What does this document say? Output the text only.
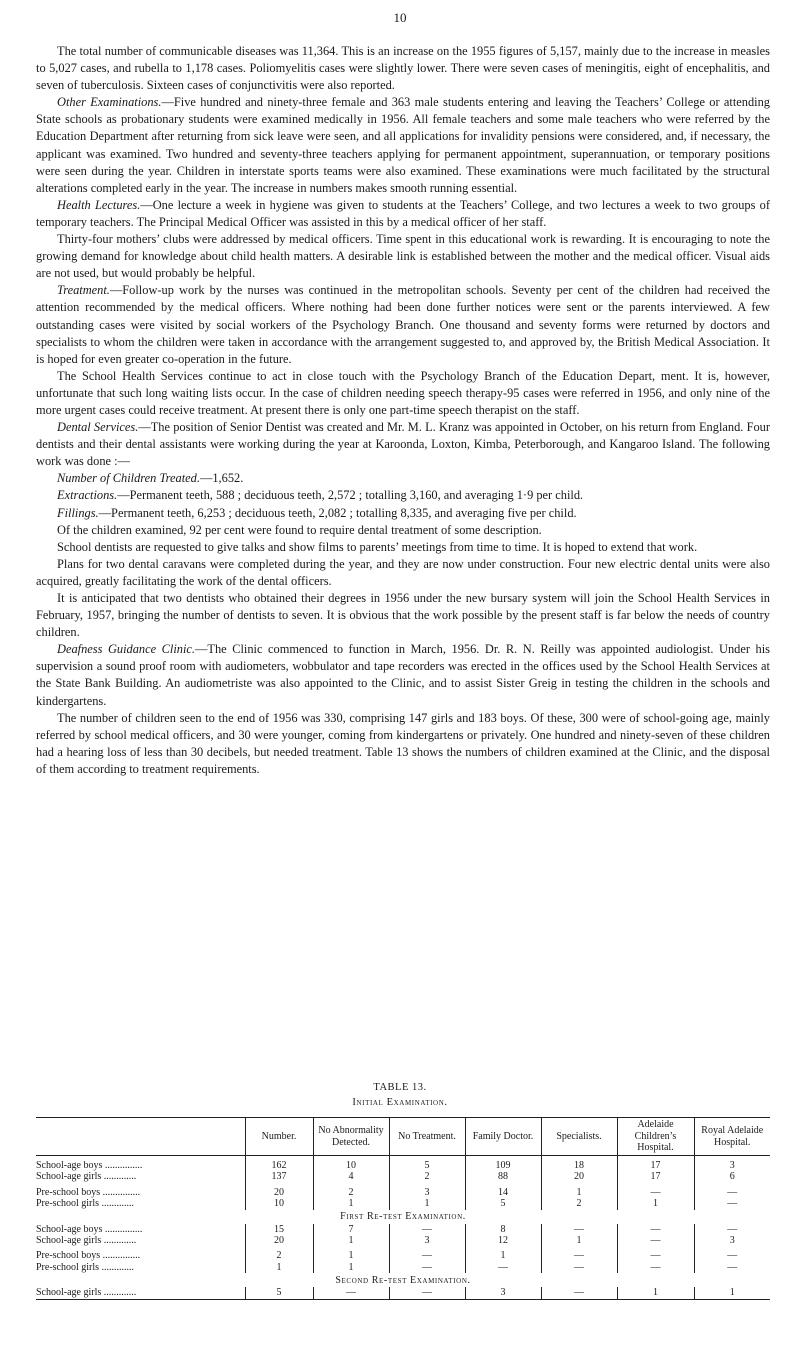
10

The total number of communicable diseases was 11,364. This is an increase on the 1955 figures of 5,157, mainly due to the increase in measles to 5,027 cases, and rubella to 1,178 cases. Poliomyelitis cases were slightly lower. There were seven cases of meningitis, eight of encephalitis, and seven of tuberculosis. Sixteen cases of conjunctivitis were also reported.

Other Examinations.—Five hundred and ninety-three female and 363 male students entering and leaving the Teachers’ College or attending State schools as probationary students were examined medically in 1956. All female teachers and some male teachers who were referred by the Education Department after returning from sick leave were seen, and all applications for invalidity pensions were considered, and, if necessary, the applicant was examined. Two hundred and seventy-three teachers applying for permanent appointment, superannuation, or temporary positions were seen during the year. Children in interstate sports teams were also examined. These examinations were much facilitated by the structural alterations completed early in the year. The increase in numbers makes smooth running essential.

Health Lectures.—One lecture a week in hygiene was given to students at the Teachers’ College, and two lectures a week to two groups of temporary teachers. The Principal Medical Officer was assisted in this by a medical officer of her staff.

Thirty-four mothers’ clubs were addressed by medical officers. Time spent in this educational work is rewarding. It is encouraging to note the growing demand for knowledge about child health matters. A desirable link is established between the mother and the medical officer. Visual aids are not used, but would probably be helpful.

Treatment.—Follow-up work by the nurses was continued in the metropolitan schools. Seventy per cent of the children had received the attention recommended by the medical officers. Where nothing had been done further notices were sent or the parents interviewed. A few outstanding cases were visited by social workers of the Psychology Branch. One thousand and seventy forms were returned by doctors and specialists to whom the children were taken in accordance with the arrangement suggested to, and approved by, the British Medical Association. It is hoped for even greater co-operation in the future.

The School Health Services continue to act in close touch with the Psychology Branch of the Education Depart, ment. It is, however, unfortunate that such long waiting lists occur. In the case of children needing speech therapy-95 cases were referred in 1956, and only nine of the more urgent cases could receive treatment. At present there is only one part-time speech therapist on the staff.

Dental Services.—The position of Senior Dentist was created and Mr. M. L. Kranz was appointed in October, on his return from England. Four dentists and their dental assistants were working during the year at Karoonda, Loxton, Kimba, Peterborough, and Kangaroo Island. The following work was done :—

Number of Children Treated.—1,652.

Extractions.—Permanent teeth, 588 ; deciduous teeth, 2,572 ; totalling 3,160, and averaging 1·9 per child.

Fillings.—Permanent teeth, 6,253 ; deciduous teeth, 2,082 ; totalling 8,335, and averaging five per child.

Of the children examined, 92 per cent were found to require dental treatment of some description.

School dentists are requested to give talks and show films to parents’ meetings from time to time. It is hoped to extend that work.

Plans for two dental caravans were completed during the year, and they are now under construction. Four new electric dental units were also acquired, greatly facilitating the work of the dental officers.

It is anticipated that two dentists who obtained their degrees in 1956 under the new bursary system will join the School Health Services in February, 1957, bringing the number of dentists to seven. It is obvious that the work possible by the present staff is far below the needs of country children.

Deafness Guidance Clinic.—The Clinic commenced to function in March, 1956. Dr. R. N. Reilly was appointed audiologist. Under his supervision a sound proof room with audiometers, wobbulator and tape recorders was erected in the offices used by the School Health Services at the State Bank Building. An audiometriste was also appointed to the Clinic, and to assist Sister Greig in testing the children in the schools and kindergartens.

The number of children seen to the end of 1956 was 330, comprising 147 girls and 183 boys. Of these, 300 were of school-going age, mainly referred by school medical officers, and 30 were younger, coming from kindergartens or privately. One hundred and ninety-seven of these children had a hearing loss of less than 30 decibels, but needed treatment. Table 13 shows the numbers of children examined at the Clinic, and the disposal of them according to treatment requirements.

TABLE 13.
Initial Examination.
	Number.	No Abnormality Detected.	No Treatment.	Family Doctor.	Specialists.	Adelaide Children’s Hospital.	Royal Adelaide Hospital.

School-age boys ...............	162	10	5	109	18	17	3
School-age girls .............	137	4	2	88	20	17	6

Pre-school boys ...............	20	2	3	14	1	—	—
Pre-school girls .............	10	1	1	5	2	1	—
First Re-test Examination.							
School-age boys ...............	15	7	—	8	—	—	—
School-age girls .............	20	1	3	12	1	—	3

Pre-school boys ...............	2	1	—	1	—	—	—
Pre-school girls .............	1	1	—	—	—	—	—
Second Re-test Examination.							
School-age girls .............	5	—	—	3	—	1	1
